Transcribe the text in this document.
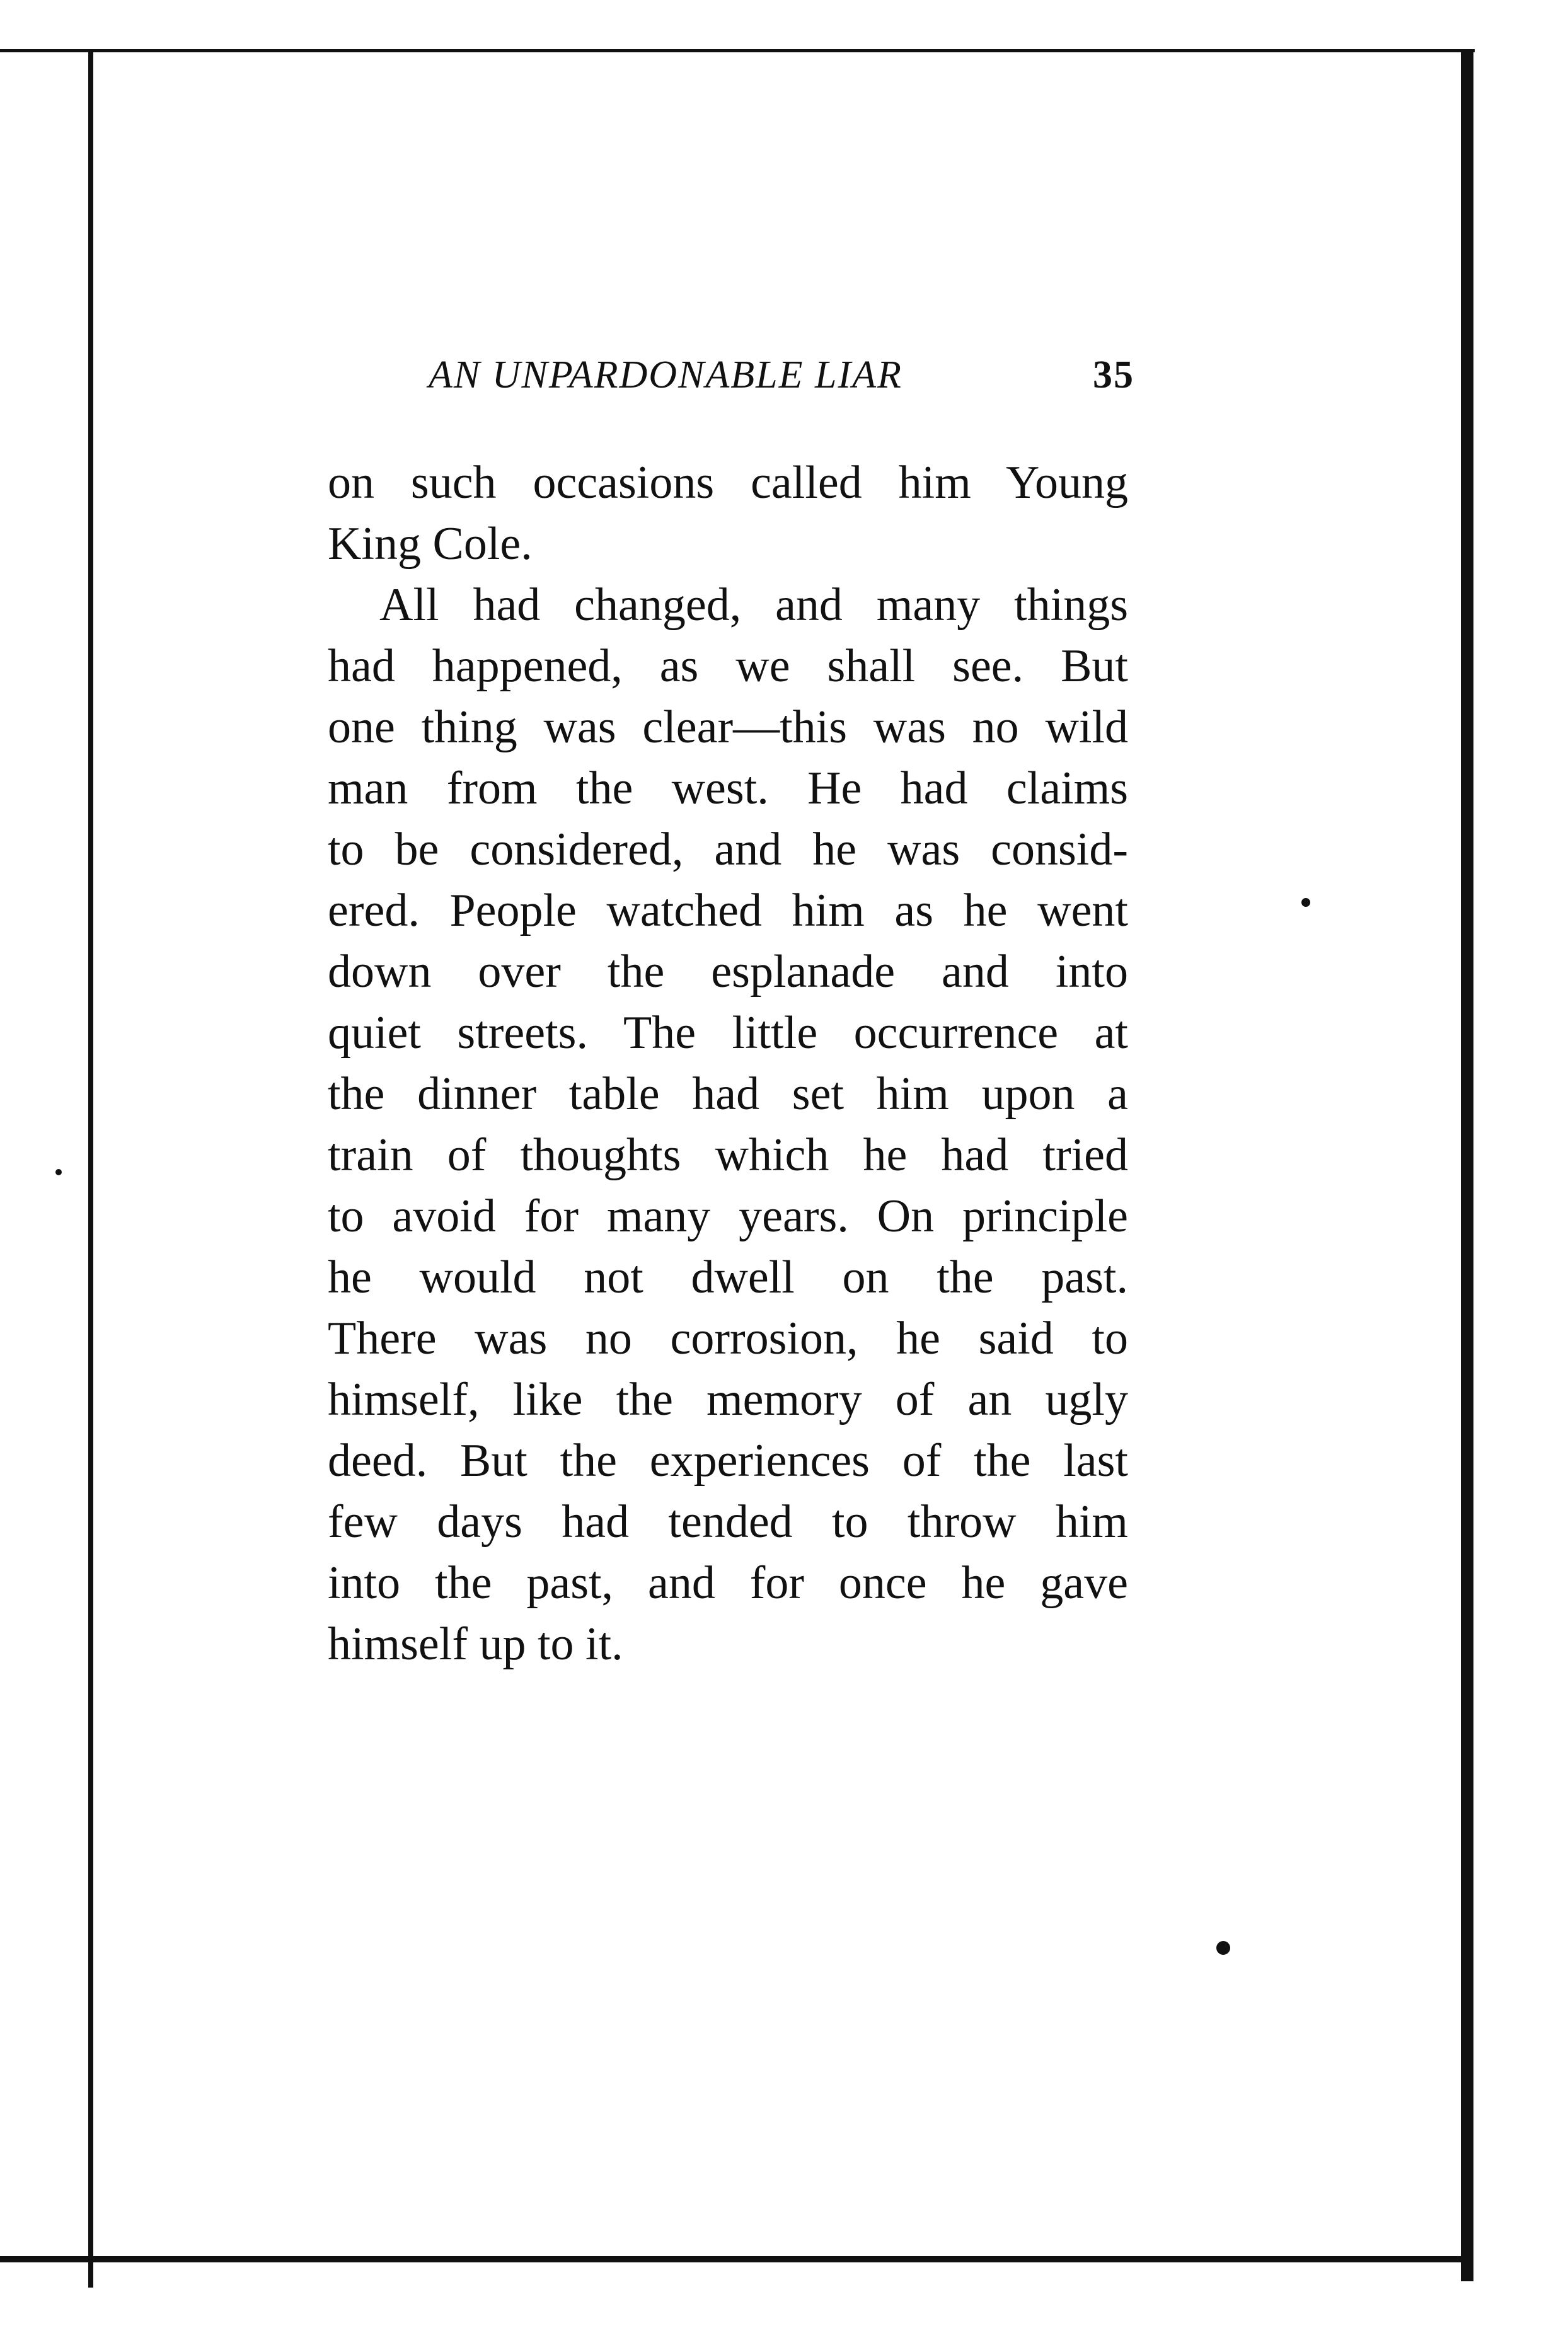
AN UNPARDONABLE LIAR	35
on such occasions called him Young
King Cole.
All had changed, and many things
had happened, as we shall see. But
one thing was clear—this was no wild
man from the west. He had claims
to be considered, and he was consid-
ered. People watched him as he went
down over the esplanade and into
quiet streets. The little occurrence at
the dinner table had set him upon a
train of thoughts which he had tried
to avoid for many years. On principle
he would not dwell on the past.
There was no corrosion, he said to
himself, like the memory of an ugly
deed. But the experiences of the last
few days had tended to throw him
into the past, and for once he gave
himself up to it.
